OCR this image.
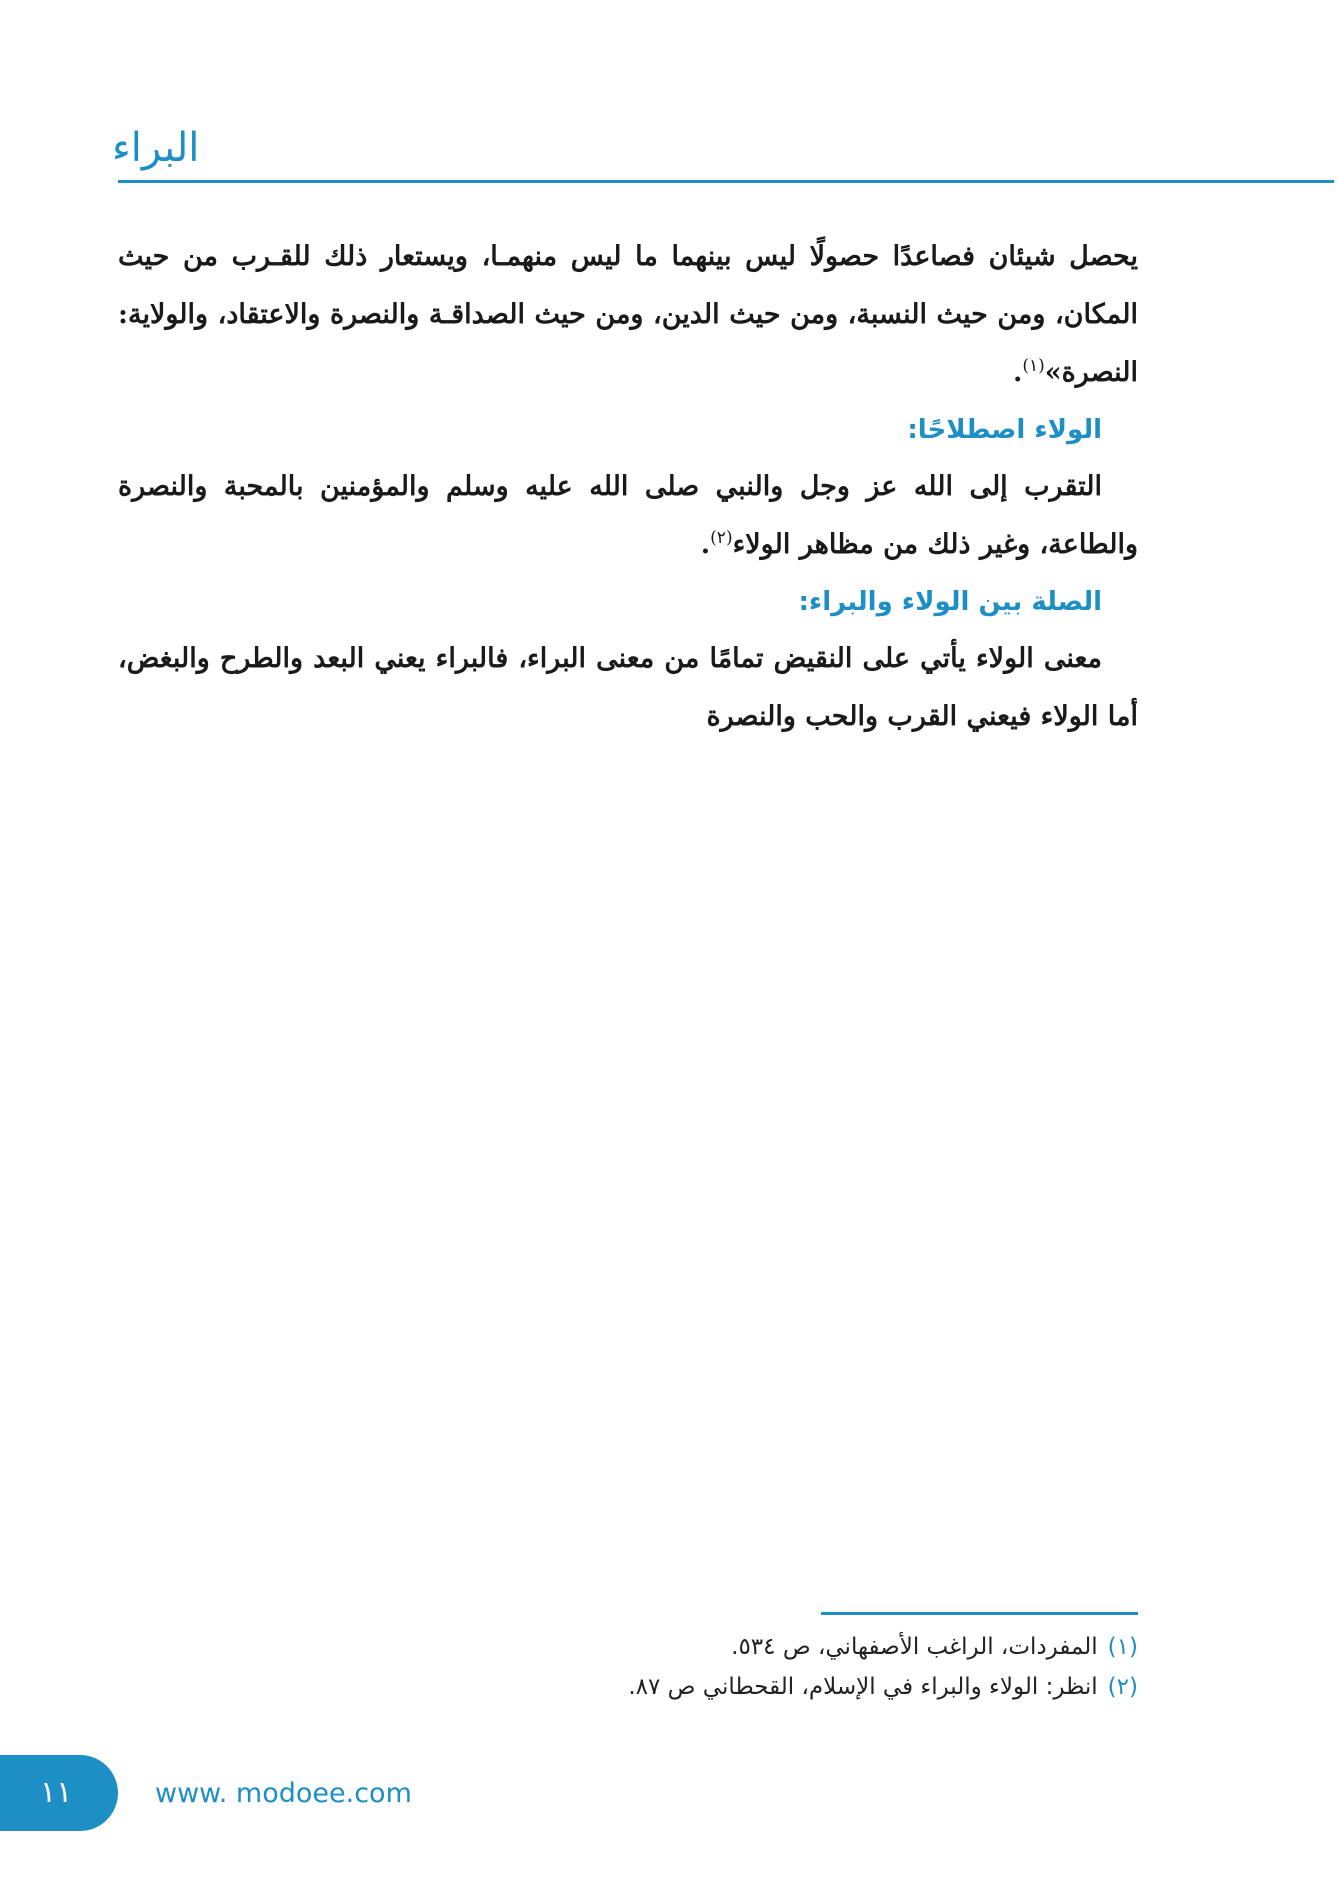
البراء

يحصل شيئان فصاعدًا حصولًا ليس بينهما ما ليس منهمـا، ويستعار ذلك للقـرب من حيث المكان، ومن حيث النسبة، ومن حيث الدين، ومن حيث الصداقـة والنصرة والاعتقاد، والولاية: النصرة»$^{(١)}$.

الولاء اصطلاحًا:

التقرب إلى الله عز وجل والنبي صلى الله عليه وسلم والمؤمنين بالمحبة والنصرة والطاعة، وغير ذلك من مظاهر الولاء$^{(٢)}$.

الصلة بين الولاء والبراء:

معنى الولاء يأتي على النقيض تمامًا من معنى البراء، فالبراء يعني البعد والطرح والبغض، أما الولاء فيعني القرب والحب والنصرة

(١)المفردات، الراغب الأصفهاني، ص ٥٣٤.
(٢)انظر: الولاء والبراء في الإسلام، القحطاني ص ٨٧.
١١	www. modoee.com
